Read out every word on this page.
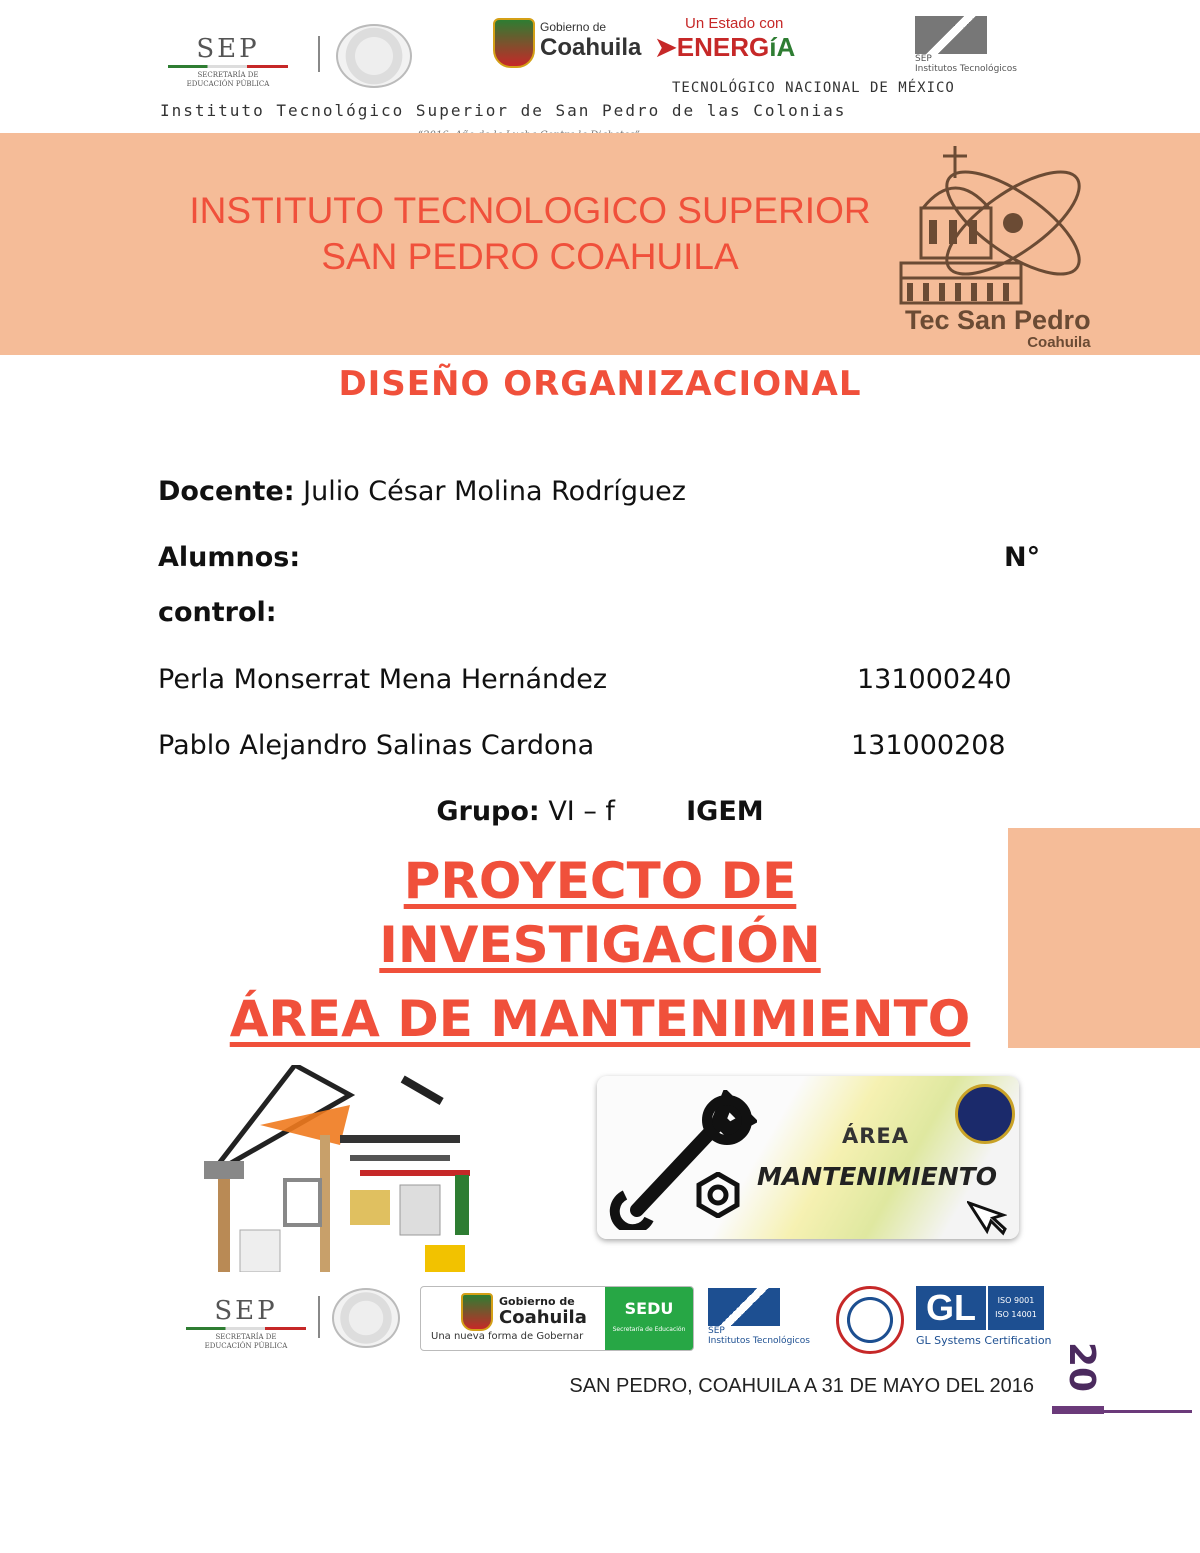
SEP
SECRETARÍA DE
EDUCACIÓN PÚBLICA
Gobierno de
Coahuila
Un Estado con
➤ENERGíA	SEP
Institutos Tecnológicos
TECNOLÓGICO NACIONAL DE MÉXICO
Instituto Tecnológico Superior de San Pedro de las Colonias
INSTITUTO TECNOLOGICO SUPERIOR
SAN PEDRO COAHUILA
Tec San Pedro
Coahuila
DISEÑO ORGANIZACIONAL
Docente: Julio César Molina Rodríguez
Alumnos:	N°
control:
Perla Monserrat Mena Hernández	131000240
Pablo Alejandro Salinas Cardona	131000208
Grupo: VI – f	IGEM
PROYECTO DE
INVESTIGACIÓN
ÁREA DE MANTENIMIENTO
ÁREA
MANTENIMIENTO
SEP
SECRETARÍA DE
EDUCACIÓN PÚBLICA
Gobierno de
Coahuila
Una nueva forma de Gobernar
SEDU
Secretaría de Educación	SEP
Institutos Tecnológicos
GL	ISO 9001
ISO 14001
GL Systems Certification
SAN PEDRO, COAHUILA A 31 DE MAYO DEL 2016 20
